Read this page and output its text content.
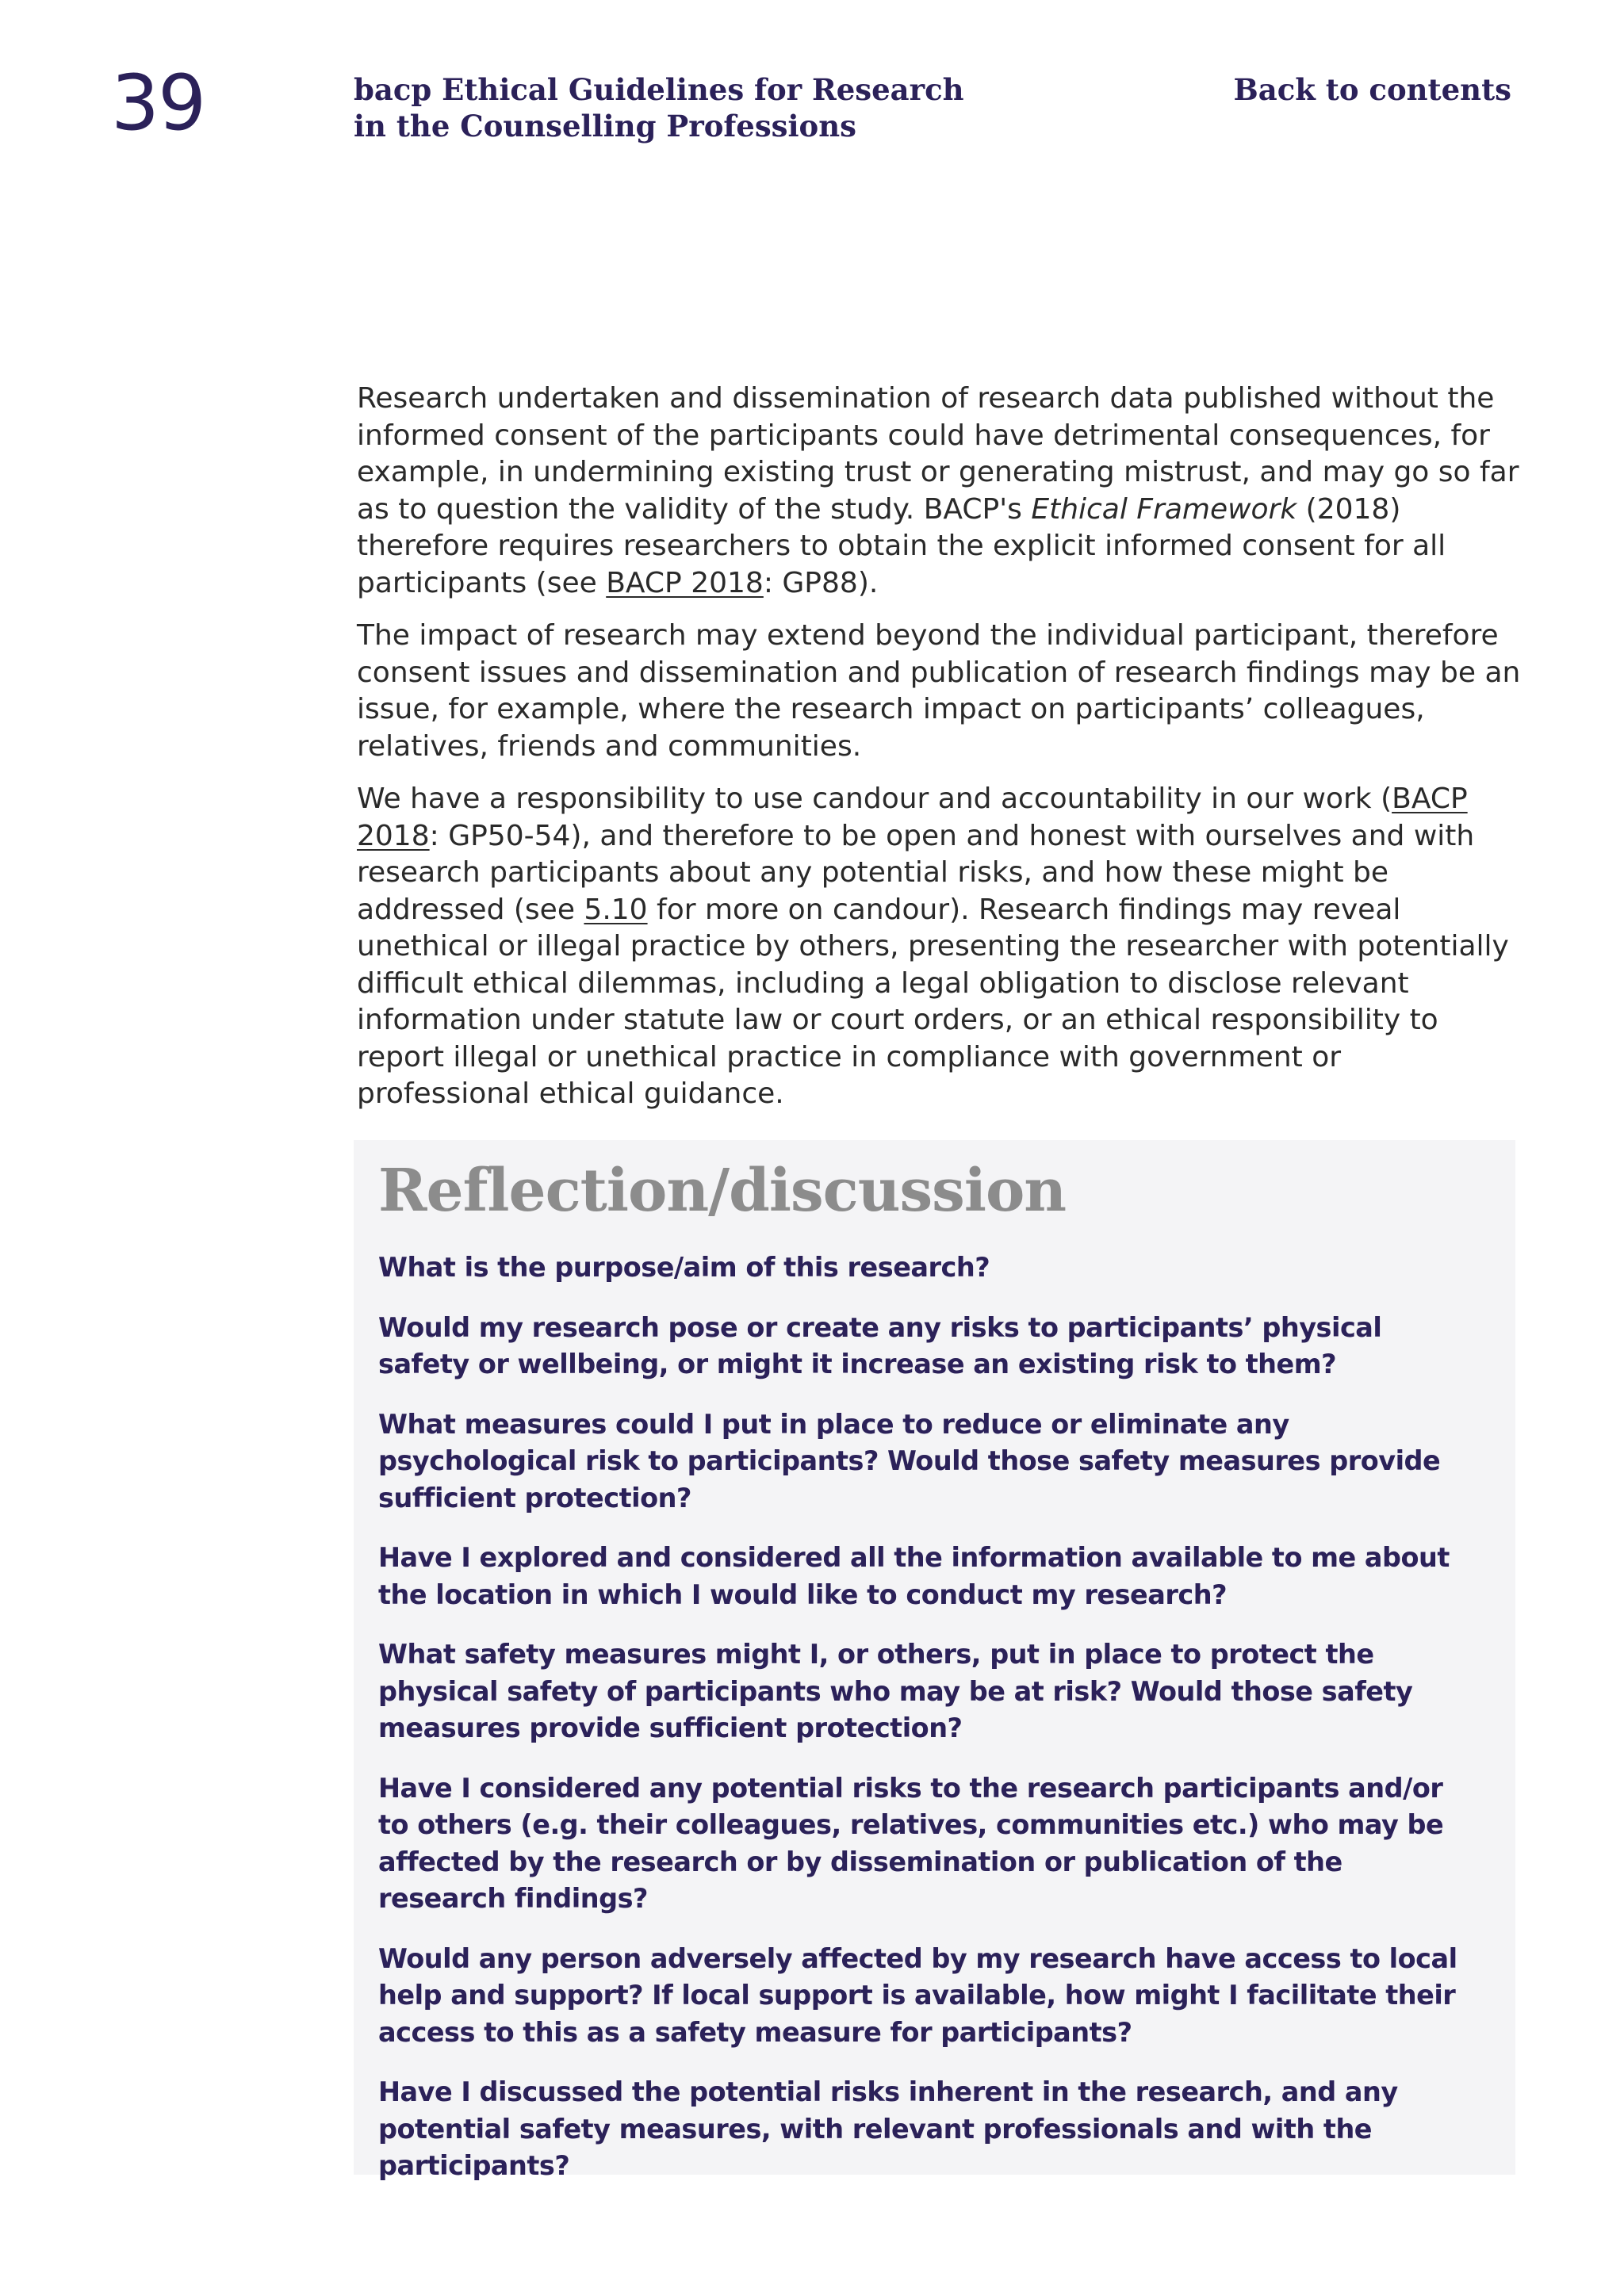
39	bacp Ethical Guidelines for Research
in the Counselling Professions
Back to contents

Research undertaken and dissemination of research data published without the informed consent of the participants could have detrimental consequences, for example, in undermining existing trust or generating mistrust, and may go so far as to question the validity of the study. BACP's Ethical Framework (2018) therefore requires researchers to obtain the explicit informed consent for all participants (see BACP 2018: GP88).

The impact of research may extend beyond the individual participant, therefore consent issues and dissemination and publication of research findings may be an issue, for example, where the research impact on participants’ colleagues, relatives, friends and communities.

We have a responsibility to use candour and accountability in our work (BACP 2018: GP50-54), and therefore to be open and honest with ourselves and with research participants about any potential risks, and how these might be addressed (see 5.10 for more on candour). Research findings may reveal unethical or illegal practice by others, presenting the researcher with potentially difficult ethical dilemmas, including a legal obligation to disclose relevant information under statute law or court orders, or an ethical responsibility to report illegal or unethical practice in compliance with government or professional ethical guidance.

Reflection/discussion
What is the purpose/aim of this research?
Would my research pose or create any risks to participants’ physical safety or wellbeing, or might it increase an existing risk to them?
What measures could I put in place to reduce or eliminate any psychological risk to participants? Would those safety measures provide sufficient protection?
Have I explored and considered all the information available to me about the location in which I would like to conduct my research?
What safety measures might I, or others, put in place to protect the physical safety of participants who may be at risk? Would those safety measures provide sufficient protection?
Have I considered any potential risks to the research participants and/or to others (e.g. their colleagues, relatives, communities etc.) who may be affected by the research or by dissemination or publication of the research findings?
Would any person adversely affected by my research have access to local help and support? If local support is available, how might I facilitate their access to this as a safety measure for participants?
Have I discussed the potential risks inherent in the research, and any potential safety measures, with relevant professionals and with the participants?
